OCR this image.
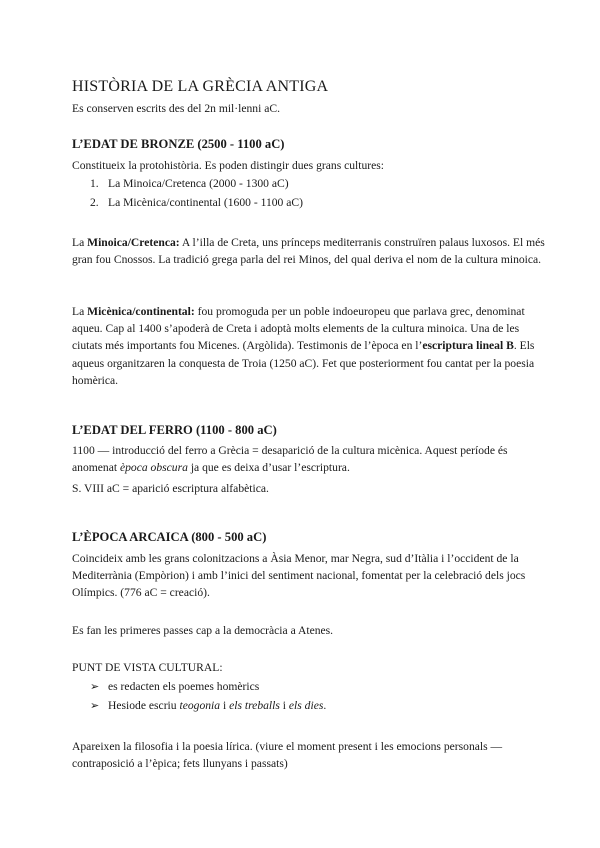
HISTÒRIA DE LA GRÈCIA ANTIGA

Es conserven escrits des del 2n mil·lenni aC.

L’EDAT DE BRONZE (2500 - 1100 aC)

Constitueix la protohistòria. Es poden distingir dues grans cultures:

1. La Minoica/Cretenca (2000 - 1300 aC)
2. La Micènica/continental (1600 - 1100 aC)

La Minoica/Cretenca: A l’illa de Creta, uns prínceps mediterranis construïren palaus luxosos. El més gran fou Cnossos. La tradició grega parla del rei Minos, del qual deriva el nom de la cultura minoica.

La Micènica/continental: fou promoguda per un poble indoeuropeu que parlava grec, denominat aqueu. Cap al 1400 s’apoderà de Creta i adoptà molts elements de la cultura minoica. Una de les ciutats més importants fou Micenes. (Argòlida). Testimonis de l’època en l’escriptura lineal B. Els aqueus organitzaren la conquesta de Troia (1250 aC). Fet que posteriorment fou cantat per la poesia homèrica.

L’EDAT DEL FERRO (1100 - 800 aC)

1100 — introducció del ferro a Grècia = desaparició de la cultura micènica. Aquest període és anomenat època obscura ja que es deixa d’usar l’escriptura.

S. VIII aC = aparició escriptura alfabètica.

L’ÈPOCA ARCAICA (800 - 500 aC)

Coincideix amb les grans colonitzacions a Àsia Menor, mar Negra, sud d’Itàlia i l’occident de la Mediterrània (Empòrion) i amb l’inici del sentiment nacional, fomentat per la celebració dels jocs Olímpics. (776 aC = creació).

Es fan les primeres passes cap a la democràcia a Atenes.

PUNT DE VISTA CULTURAL:

➢ es redacten els poemes homèrics
➢ Hesiode escriu teogonia i els treballs i els dies.

Apareixen la filosofia i la poesia lírica. (viure el moment present i les emocions personals — contraposició a l’èpica; fets llunyans i passats)
